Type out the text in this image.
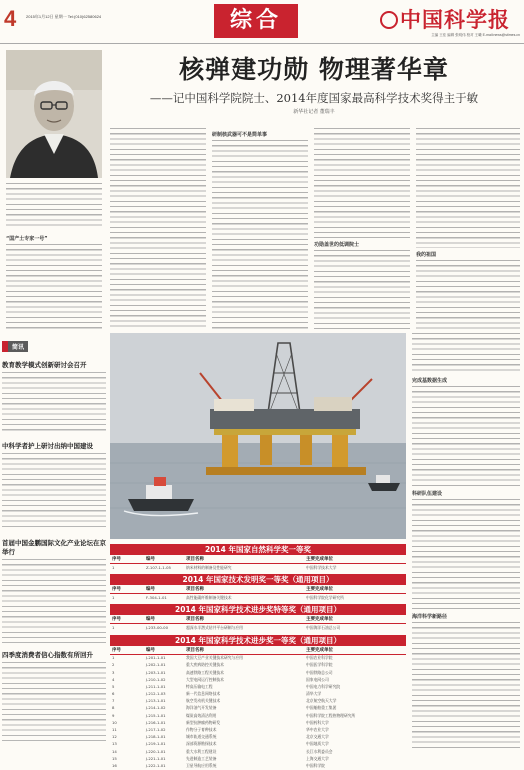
4 2015年1月12日 星期一 Tel:(010)62580624	综合	中国科学报
主编 王佳 编辑 张明伟 校对 王曦 E-mail:news@stimes.cn
核弹建功勋 物理著华章
——记中国科学院院士、2014年度国家最高科学技术奖得主于敏
新华社记者 董瑞丰
“国产土专家一号”
研制核武器可不是简单事
功勋盖世的低调院士
我的祖国
简讯
教育教学模式创新研讨会召开
中科学者护上研讨出纳中国建设
首届中国金鹏国际文化产业论坛在京举行
四季度消费者信心指数有所回升
2014 年国家自然科学奖一等奖
序号	编号	项目名称	主要完成单位
1	Z-107-1-1-05	纳米材料的制备及性能研究	中国科学技术大学
2014 年国家技术发明奖一等奖（通用项目）
序号	编号	项目名称	主要完成单位
1	F-304-1-01	高性能碳纤维制备关键技术	中国科学院化学研究所
2014 年国家科学技术进步奖特等奖（通用项目）
序号	编号	项目名称	主要完成单位
1	J-233-00-00	超深水半潜式钻井平台研制与应用	中国海洋石油总公司
2014 年国家科学技术进步奖一等奖（通用项目）
序号	编号	项目名称	主要完成单位
1	J-201-1-01	我国大豆产业关键技术研究与应用	中国农业科学院
2	J-202-1-01	重大疾病防控关键技术	中国医学科学院
3	J-203-1-01	高速铁路工程关键技术	中国铁路总公司
4	J-210-1-02	大型电网运行控制技术	国家电网公司
5	J-211-1-01	特高压输电工程	中国电力科学研究院
6	J-212-1-03	新一代信息网络技术	清华大学
7	J-213-1-01	航空发动机关键技术	北京航空航天大学
8	J-214-1-02	海洋油气开发装备	中国船舶重工集团
9	J-215-1-01	煤炭高效清洁利用	中国科学院工程热物理研究所
10	J-216-1-01	新型抗肿瘤药物研发	中国药科大学
11	J-217-1-02	作物分子育种技术	华中农业大学
12	J-218-1-01	城市轨道交通系统	北京交通大学
13	J-219-1-01	深部资源勘探技术	中国地质大学
14	J-220-1-01	重大水利工程建设	长江水利委员会
15	J-221-1-01	先进制造工艺装备	上海交通大学
16	J-222-1-01	卫星导航应用系统	中国科学院
完成基数据生成
科研队伍建设
海洋科学新路径
